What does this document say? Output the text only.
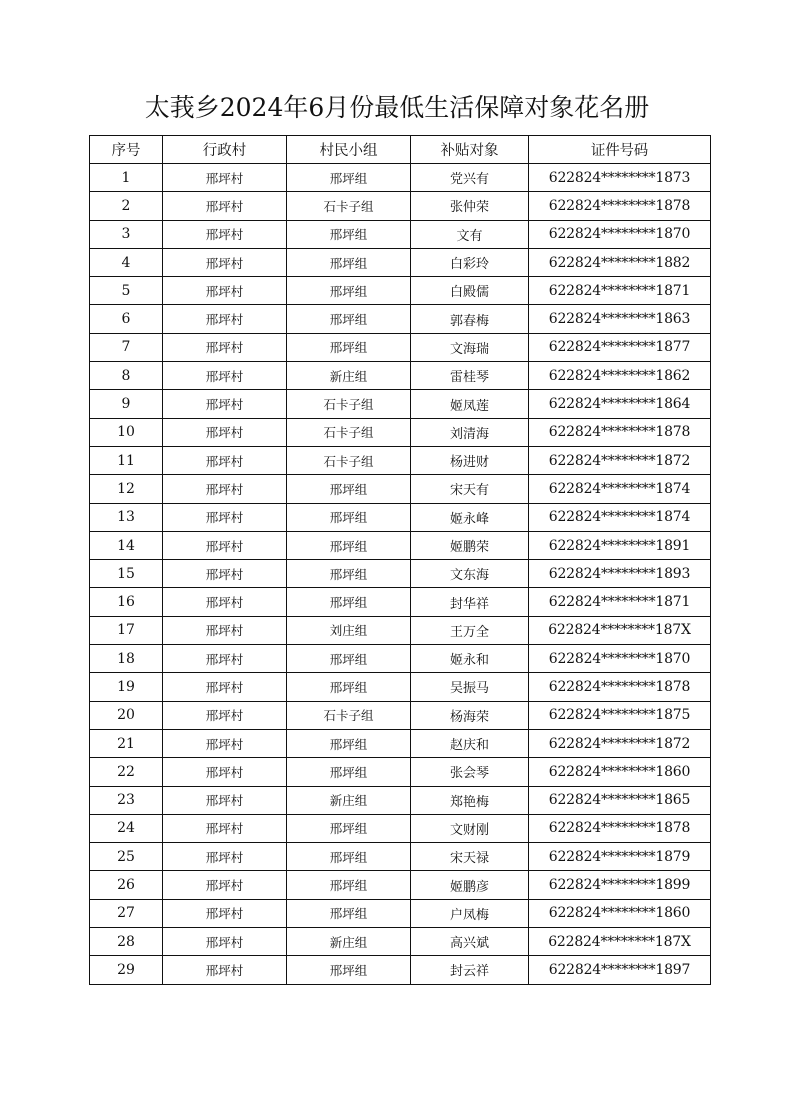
太莪乡2024年6月份最低生活保障对象花名册
序号	行政村	村民小组	补贴对象	证件号码
1	邢坪村	邢坪组	党兴有	622824********1873
2	邢坪村	石卡子组	张仲荣	622824********1878
3	邢坪村	邢坪组	文有	622824********1870
4	邢坪村	邢坪组	白彩玲	622824********1882
5	邢坪村	邢坪组	白殿儒	622824********1871
6	邢坪村	邢坪组	郭春梅	622824********1863
7	邢坪村	邢坪组	文海瑞	622824********1877
8	邢坪村	新庄组	雷桂琴	622824********1862
9	邢坪村	石卡子组	姬凤莲	622824********1864
10	邢坪村	石卡子组	刘清海	622824********1878
11	邢坪村	石卡子组	杨进财	622824********1872
12	邢坪村	邢坪组	宋天有	622824********1874
13	邢坪村	邢坪组	姬永峰	622824********1874
14	邢坪村	邢坪组	姬鹏荣	622824********1891
15	邢坪村	邢坪组	文东海	622824********1893
16	邢坪村	邢坪组	封华祥	622824********1871
17	邢坪村	刘庄组	王万全	622824********187X
18	邢坪村	邢坪组	姬永和	622824********1870
19	邢坪村	邢坪组	吴振马	622824********1878
20	邢坪村	石卡子组	杨海荣	622824********1875
21	邢坪村	邢坪组	赵庆和	622824********1872
22	邢坪村	邢坪组	张会琴	622824********1860
23	邢坪村	新庄组	郑艳梅	622824********1865
24	邢坪村	邢坪组	文财刚	622824********1878
25	邢坪村	邢坪组	宋天禄	622824********1879
26	邢坪村	邢坪组	姬鹏彦	622824********1899
27	邢坪村	邢坪组	户凤梅	622824********1860
28	邢坪村	新庄组	高兴斌	622824********187X
29	邢坪村	邢坪组	封云祥	622824********1897
